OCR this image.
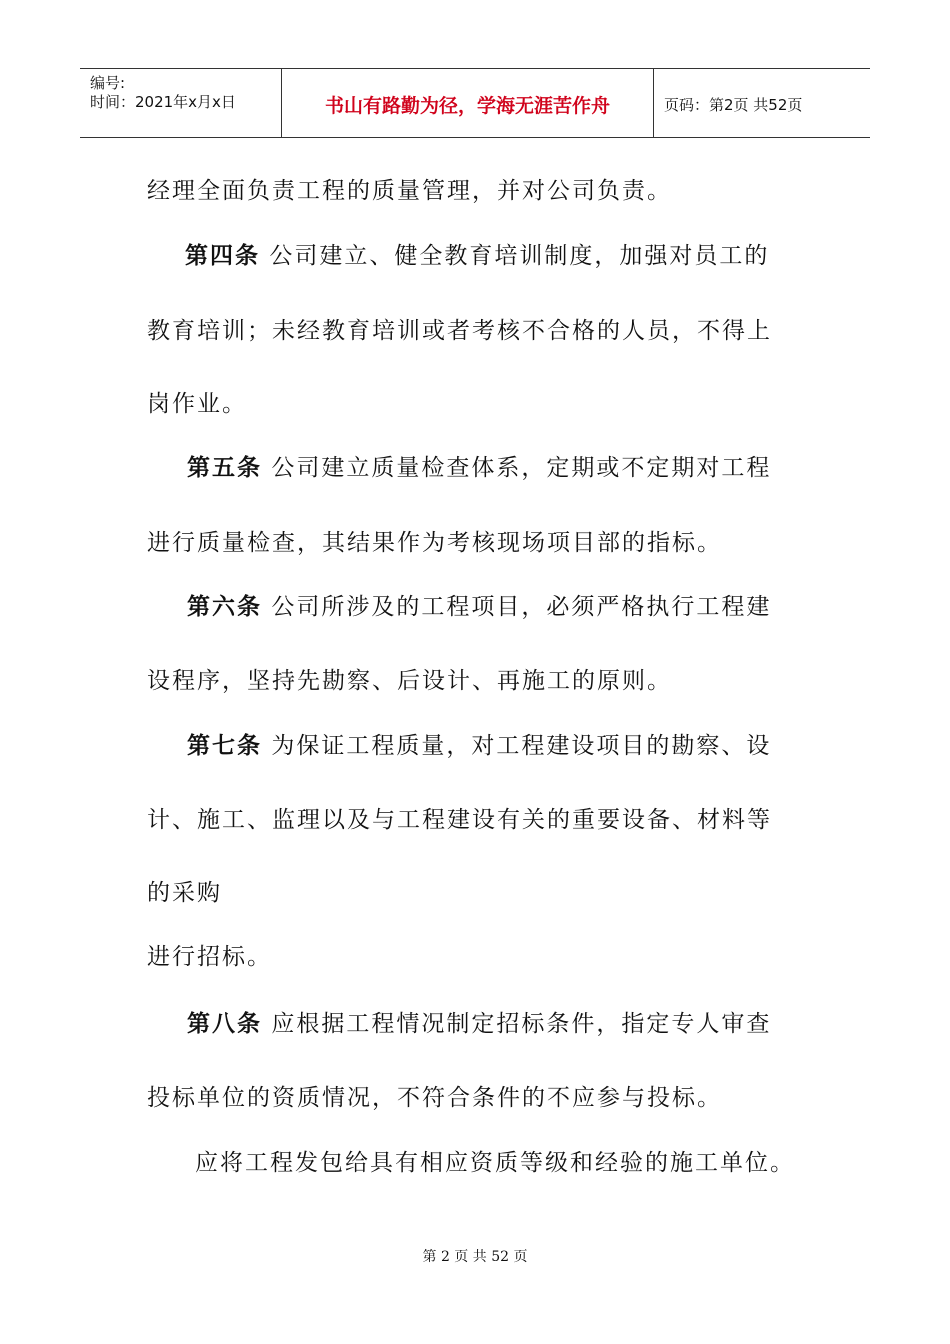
编号:
时间：2021年x月x日	书山有路勤为径，学海无涯苦作舟	页码：第2页 共52页
经理全面负责工程的质量管理，并对公司负责。
第四条 公司建立、健全教育培训制度，加强对员工的
教育培训；未经教育培训或者考核不合格的人员，不得上
岗作业。
第五条 公司建立质量检查体系，定期或不定期对工程
进行质量检查，其结果作为考核现场项目部的指标。
第六条 公司所涉及的工程项目，必须严格执行工程建
设程序，坚持先勘察、后设计、再施工的原则。
第七条 为保证工程质量，对工程建设项目的勘察、设
计、施工、监理以及与工程建设有关的重要设备、材料等
的采购
进行招标。
第八条 应根据工程情况制定招标条件，指定专人审查
投标单位的资质情况，不符合条件的不应参与投标。
应将工程发包给具有相应资质等级和经验的施工单位。
第 2 页 共 52 页
